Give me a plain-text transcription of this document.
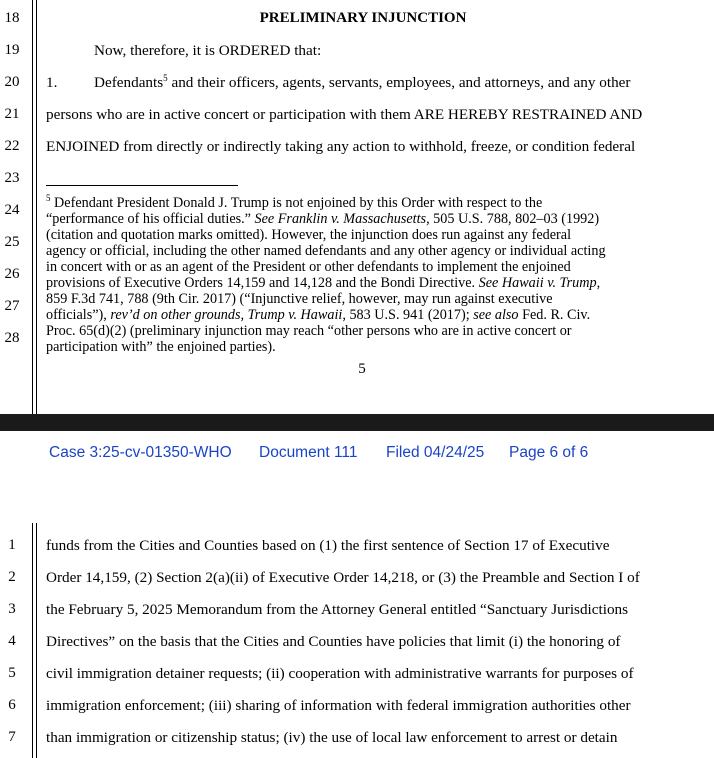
18
19
20
21
22
23
24
25
26
27
28
PRELIMINARY INJUNCTION
Now, therefore, it is ORDERED that:
1. Defendants$^5$ and their officers, agents, servants, employees, and attorneys, and any other
persons who are in active concert or participation with them ARE HEREBY RESTRAINED AND
ENJOINED from directly or indirectly taking any action to withhold, freeze, or condition federal
$^5$ Defendant President Donald J. Trump is not enjoined by this Order with respect to the
“performance of his official duties.” See Franklin v. Massachusetts, 505 U.S. 788, 802–03 (1992)
(citation and quotation marks omitted). However, the injunction does run against any federal
agency or official, including the other named defendants and any other agency or individual acting
in concert with or as an agent of the President or other defendants to implement the enjoined
provisions of Executive Orders 14,159 and 14,128 and the Bondi Directive. See Hawaii v. Trump,
859 F.3d 741, 788 (9th Cir. 2017) (“Injunctive relief, however, may run against executive
officials”), rev’d on other grounds, Trump v. Hawaii, 583 U.S. 941 (2017); see also Fed. R. Civ.
Proc. 65(d)(2) (preliminary injunction may reach “other persons who are in active concert or
participation with” the enjoined parties).
5
Case 3:25-cv-01350-WHO Document 111 Filed 04/24/25 Page 6 of 6
1
2
3
4
5
6
7
funds from the Cities and Counties based on (1) the first sentence of Section 17 of Executive
Order 14,159, (2) Section 2(a)(ii) of Executive Order 14,218, or (3) the Preamble and Section I of
the February 5, 2025 Memorandum from the Attorney General entitled “Sanctuary Jurisdictions
Directives” on the basis that the Cities and Counties have policies that limit (i) the honoring of
civil immigration detainer requests; (ii) cooperation with administrative warrants for purposes of
immigration enforcement; (iii) sharing of information with federal immigration authorities other
than immigration or citizenship status; (iv) the use of local law enforcement to arrest or detain
